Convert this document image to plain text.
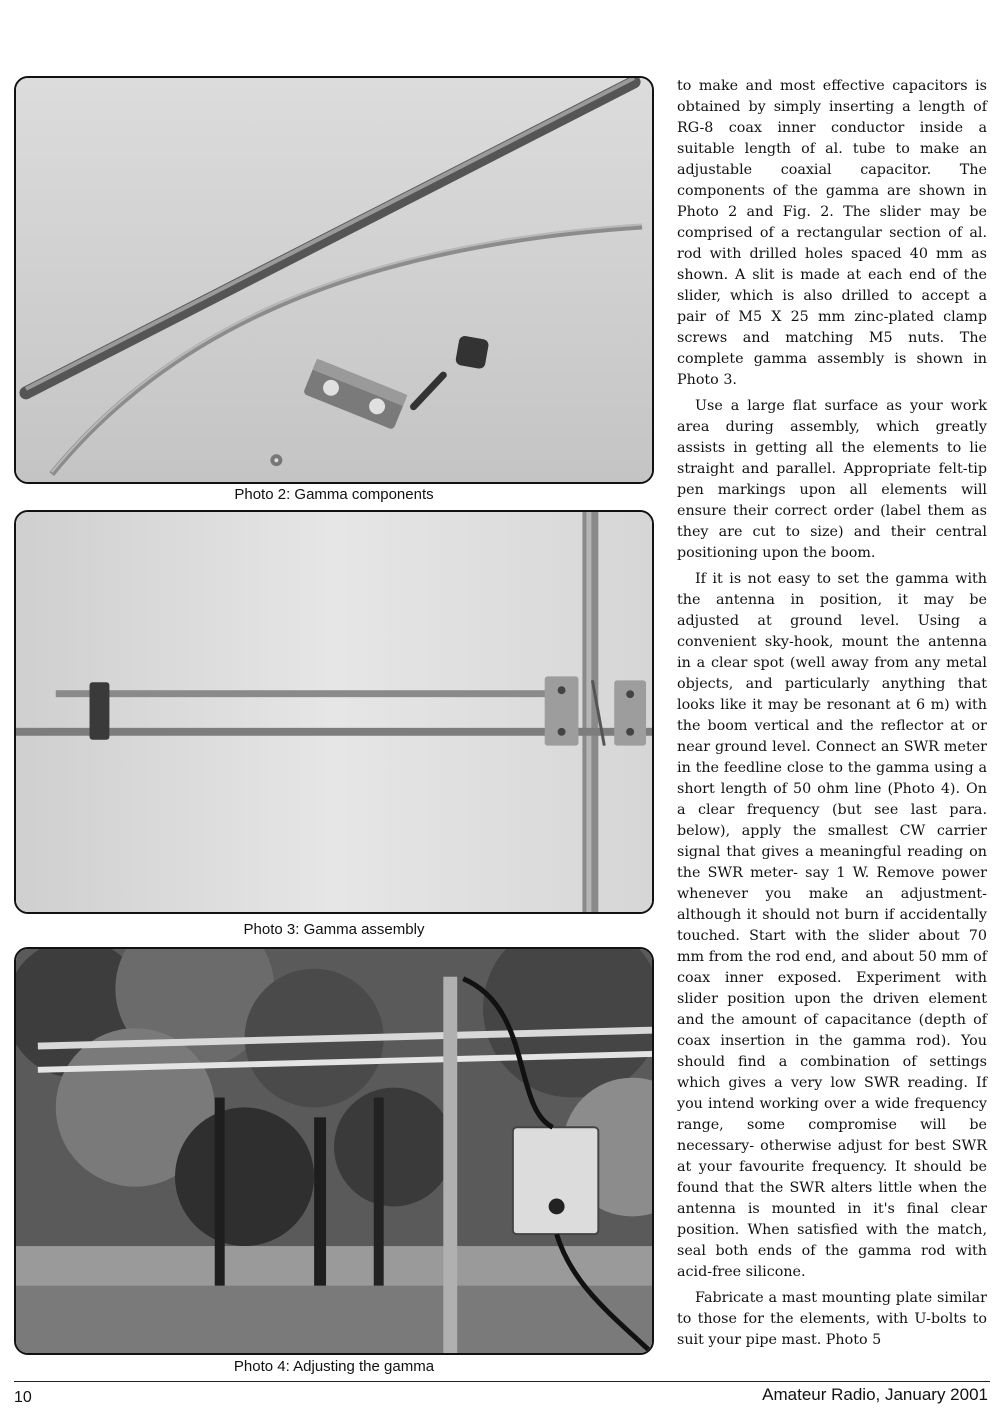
Photo 2: Gamma components
Photo 3: Gamma assembly
Photo 4: Adjusting the gamma

to make and most effective capacitors is obtained by simply inserting a length of RG-8 coax inner conductor inside a suitable length of al. tube to make an adjustable coaxial capacitor. The components of the gamma are shown in Photo 2 and Fig. 2. The slider may be comprised of a rectangular section of al. rod with drilled holes spaced 40 mm as shown. A slit is made at each end of the slider, which is also drilled to accept a pair of M5 X 25 mm zinc-plated clamp screws and matching M5 nuts. The complete gamma assembly is shown in Photo 3.

Use a large flat surface as your work area during assembly, which greatly assists in getting all the elements to lie straight and parallel. Appropriate felt-tip pen markings upon all elements will ensure their correct order (label them as they are cut to size) and their central positioning upon the boom.

If it is not easy to set the gamma with the antenna in position, it may be adjusted at ground level. Using a convenient sky-hook, mount the antenna in a clear spot (well away from any metal objects, and particularly anything that looks like it may be resonant at 6 m) with the boom vertical and the reflector at or near ground level. Connect an SWR meter in the feedline close to the gamma using a short length of 50 ohm line (Photo 4). On a clear frequency (but see last para. below), apply the smallest CW carrier signal that gives a meaningful reading on the SWR meter- say 1 W. Remove power whenever you make an adjustment- although it should not burn if accidentally touched. Start with the slider about 70 mm from the rod end, and about 50 mm of coax inner exposed. Experiment with slider position upon the driven element and the amount of capacitance (depth of coax insertion in the gamma rod). You should find a combination of settings which gives a very low SWR reading. If you intend working over a wide frequency range, some compromise will be necessary- otherwise adjust for best SWR at your favourite frequency. It should be found that the SWR alters little when the antenna is mounted in it's final clear position. When satisfied with the match, seal both ends of the gamma rod with acid-free silicone.

Fabricate a mast mounting plate similar to those for the elements, with U-bolts to suit your pipe mast. Photo 5

10	Amateur Radio, January 2001
